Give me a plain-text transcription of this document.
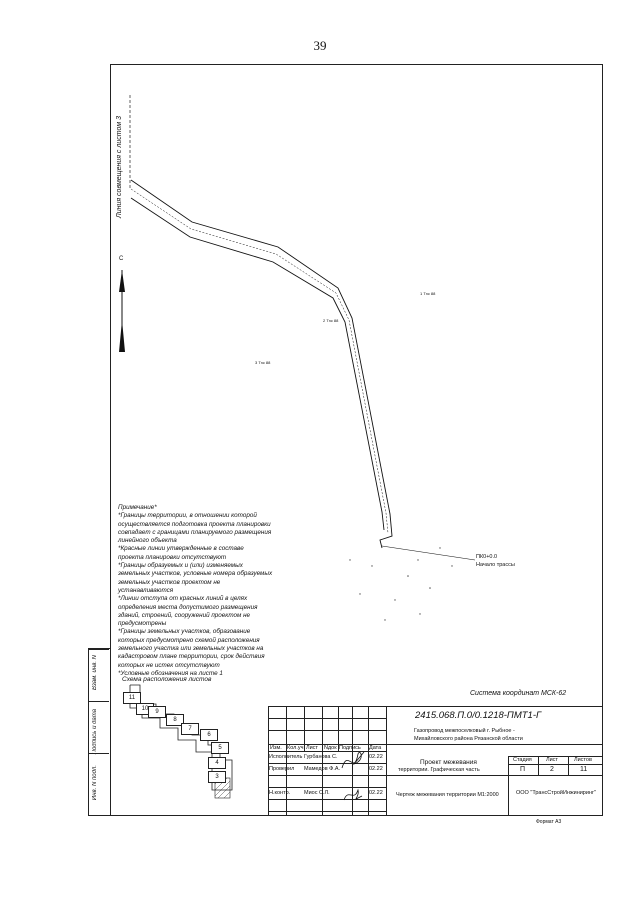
39
Взам. инв. N
Подпись и дата
Инв. N подл.
Линия совмещения с листом 3
С
1 Тэс 88
2 Тэс 88
3 Тэс 88
ПК0+0.0
Начало трассы
Примечание*
*Границы территории, в отношении которой
осуществляется подготовка проекта планировки
совпадает с границами планируемого размещения
линейного объекта
*Красные линии утвержденные в составе
проекта планировки отсутствуют
*Границы образуемых и (или) изменяемых
земельных участков, условные номера образуемых
земельных участков проектом не
устанавливаются
*Линии отступа от красных линий в целях
определения места допустимого размещения
зданий, строений, сооружений проектом не
предусмотрены
*Границы земельных участков, образование
которых предусмотрено схемой расположения
земельного участка или земельных участков на
кадастровом плане территории, срок действия
которых не истек отсутствуют
*Условные обозначения на листе 1
Схема расположения листов
11
10	9
8
7
6
5
4
3
Система координат МСК-62
Изм. Кол.уч Лист Nдок Подпись Дата
Исполнитель Гурбанова С.	02.22
Проверил Мамедов Ф.А.	02.22
Н.контр.	Миос С.Л.	02.22
Газопровод межпоселковый г. Рыбное -
Михайловского района Рязанской области
Проект межевания
территории. Графическая часть
Стадия	Лист	Листов
П	2	11
Чертеж межевания территории М1:2000	ООО "ТрансСтройИнжиниринг"
2415.068.П.0/0.1218-ПМТ1-Г
Формат А3
